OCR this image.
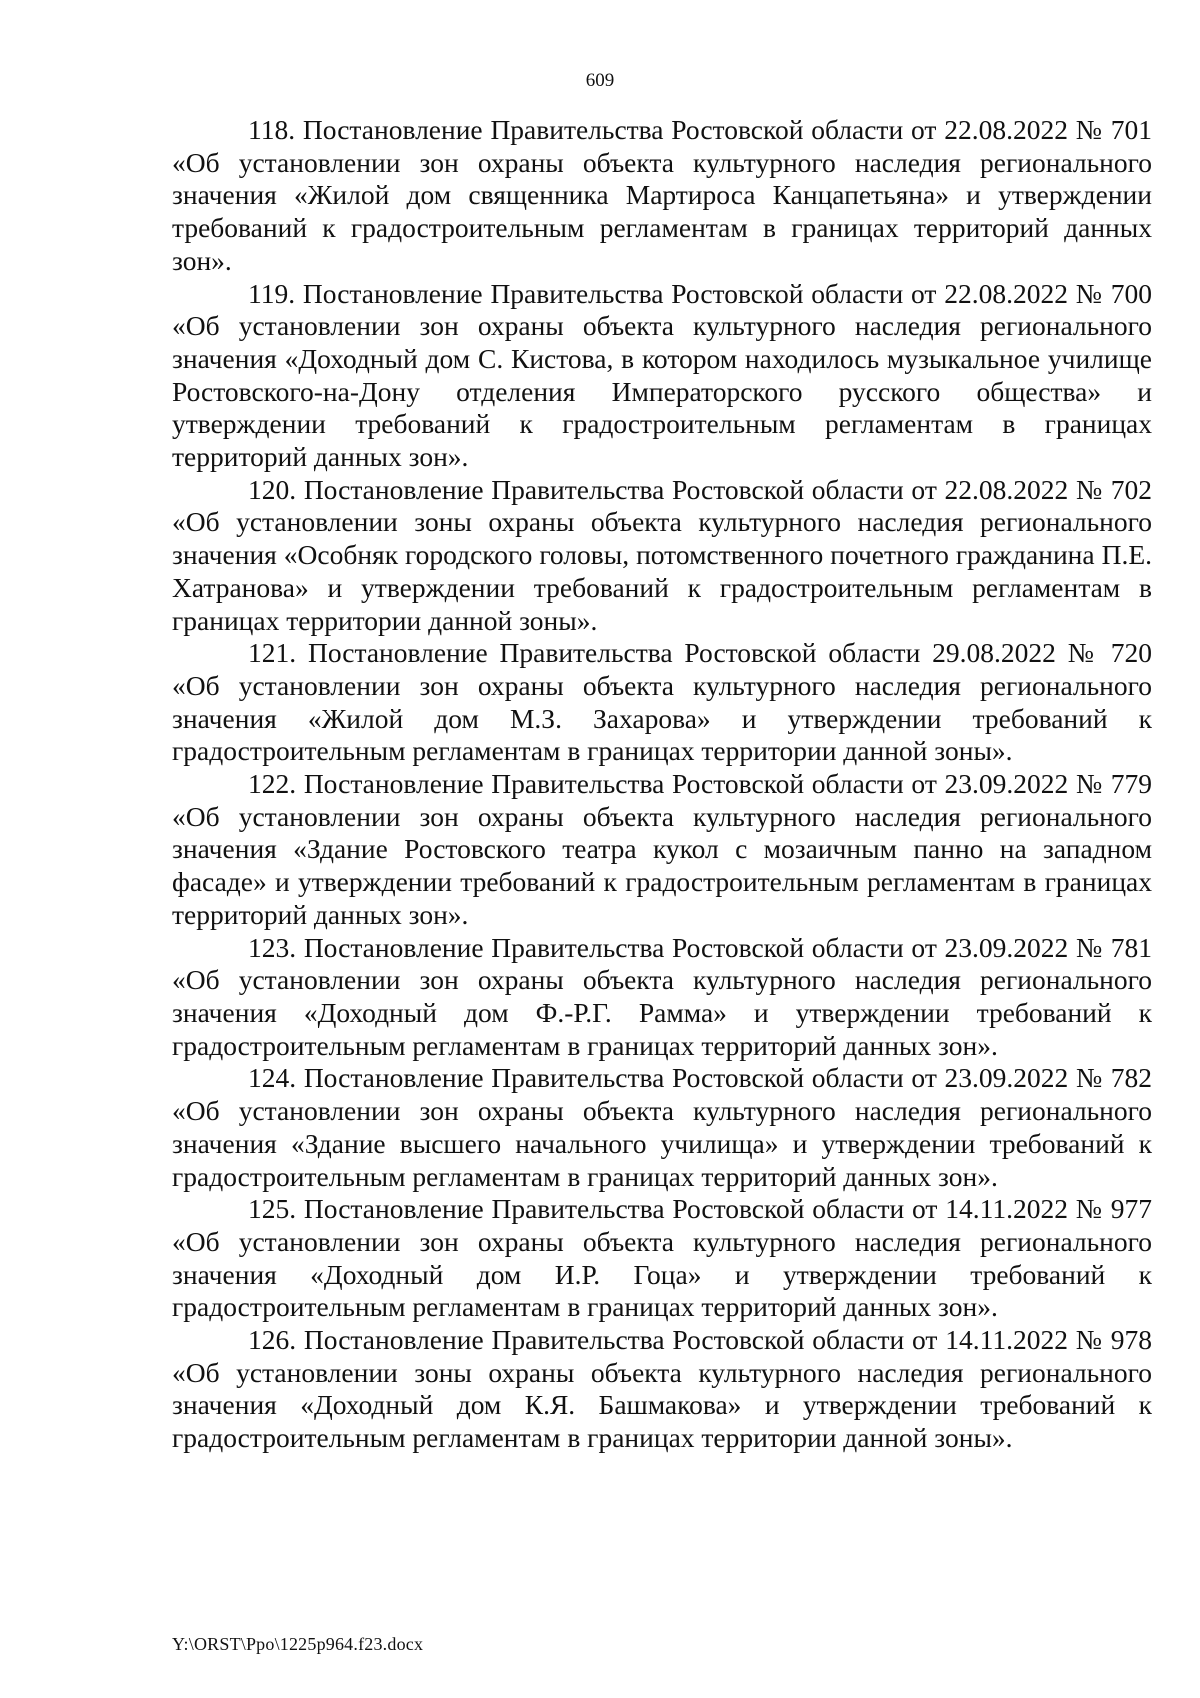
609

118. Постановление Правительства Ростовской области от 22.08.2022 № 701 «Об установлении зон охраны объекта культурного наследия регионального значения «Жилой дом священника Мартироса Канцапетьяна» и утверждении требований к градостроительным регламентам в границах территорий данных зон».

119. Постановление Правительства Ростовской области от 22.08.2022 № 700 «Об установлении зон охраны объекта культурного наследия регионального значения «Доходный дом С. Кистова, в котором находилось музыкальное училище Ростовского-на-Дону отделения Императорского русского общества» и утверждении требований к градостроительным регламентам в границах территорий данных зон».

120. Постановление Правительства Ростовской области от 22.08.2022 № 702 «Об установлении зоны охраны объекта культурного наследия регионального значения «Особняк городского головы, потомственного почетного гражданина П.Е. Хатранова» и утверждении требований к градостроительным регламентам в границах территории данной зоны».

121. Постановление Правительства Ростовской области 29.08.2022 № 720 «Об установлении зон охраны объекта культурного наследия регионального значения «Жилой дом М.З. Захарова» и утверждении требований к градостроительным регламентам в границах территории данной зоны».

122. Постановление Правительства Ростовской области от 23.09.2022 № 779 «Об установлении зон охраны объекта культурного наследия регионального значения «Здание Ростовского театра кукол с мозаичным панно на западном фасаде» и утверждении требований к градостроительным регламентам в границах территорий данных зон».

123. Постановление Правительства Ростовской области от 23.09.2022 № 781 «Об установлении зон охраны объекта культурного наследия регионального значения «Доходный дом Ф.-Р.Г. Рамма» и утверждении требований к градостроительным регламентам в границах территорий данных зон».

124. Постановление Правительства Ростовской области от 23.09.2022 № 782 «Об установлении зон охраны объекта культурного наследия регионального значения «Здание высшего начального училища» и утверждении требований к градостроительным регламентам в границах территорий данных зон».

125. Постановление Правительства Ростовской области от 14.11.2022 № 977 «Об установлении зон охраны объекта культурного наследия регионального значения «Доходный дом И.Р. Гоца» и утверждении требований к градостроительным регламентам в границах территорий данных зон».

126. Постановление Правительства Ростовской области от 14.11.2022 № 978 «Об установлении зоны охраны объекта культурного наследия регионального значения «Доходный дом К.Я. Башмакова» и утверждении требований к градостроительным регламентам в границах территории данной зоны».

Y:\ORST\Ppo\1225p964.f23.docx
